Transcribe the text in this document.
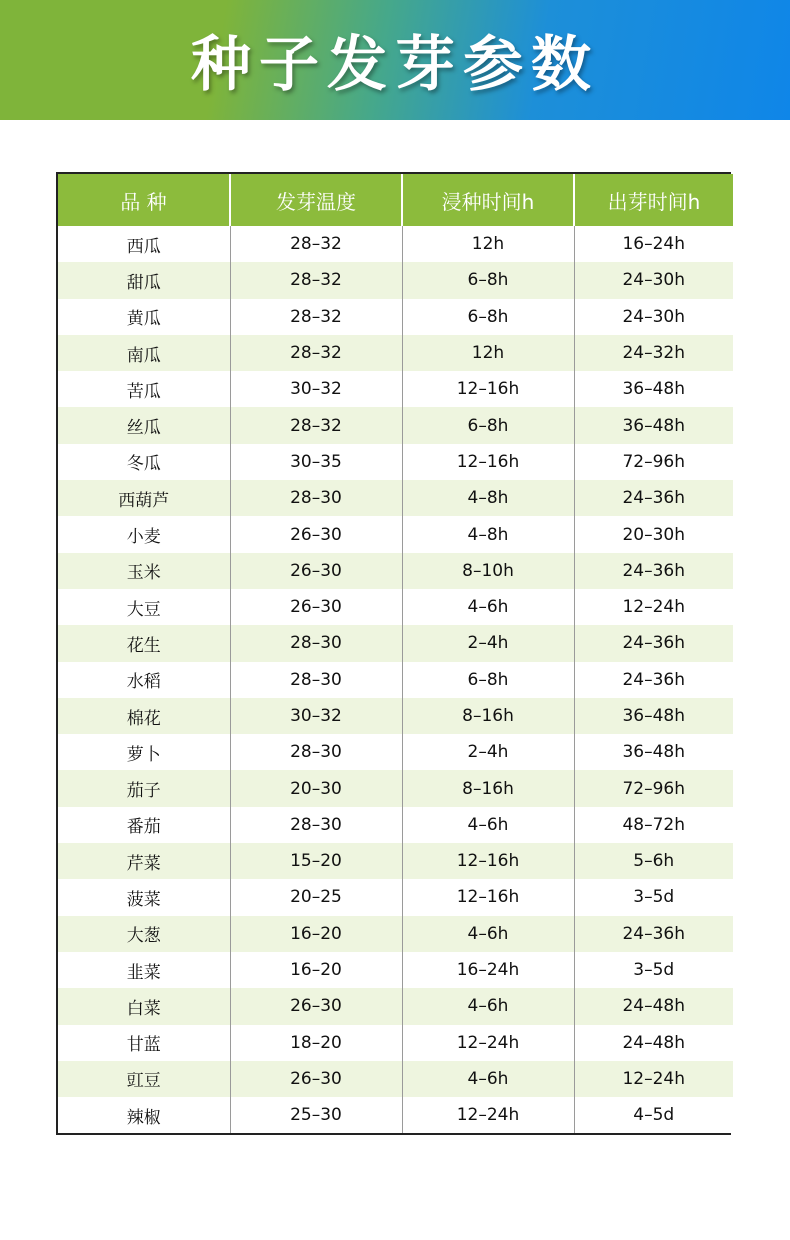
种子发芽参数
品 种	发芽温度	浸种时间h	出芽时间h
西瓜	28–32	12h	16–24h
甜瓜	28–32	6–8h	24–30h
黄瓜	28–32	6–8h	24–30h
南瓜	28–32	12h	24–32h
苦瓜	30–32	12–16h	36–48h
丝瓜	28–32	6–8h	36–48h
冬瓜	30–35	12–16h	72–96h
西葫芦	28–30	4–8h	24–36h
小麦	26–30	4–8h	20–30h
玉米	26–30	8–10h	24–36h
大豆	26–30	4–6h	12–24h
花生	28–30	2–4h	24–36h
水稻	28–30	6–8h	24–36h
棉花	30–32	8–16h	36–48h
萝卜	28–30	2–4h	36–48h
茄子	20–30	8–16h	72–96h
番茄	28–30	4–6h	48–72h
芹菜	15–20	12–16h	5–6h
菠菜	20–25	12–16h	3–5d
大葱	16–20	4–6h	24–36h
韭菜	16–20	16–24h	3–5d
白菜	26–30	4–6h	24–48h
甘蓝	18–20	12–24h	24–48h
豇豆	26–30	4–6h	12–24h
辣椒	25–30	12–24h	4–5d
